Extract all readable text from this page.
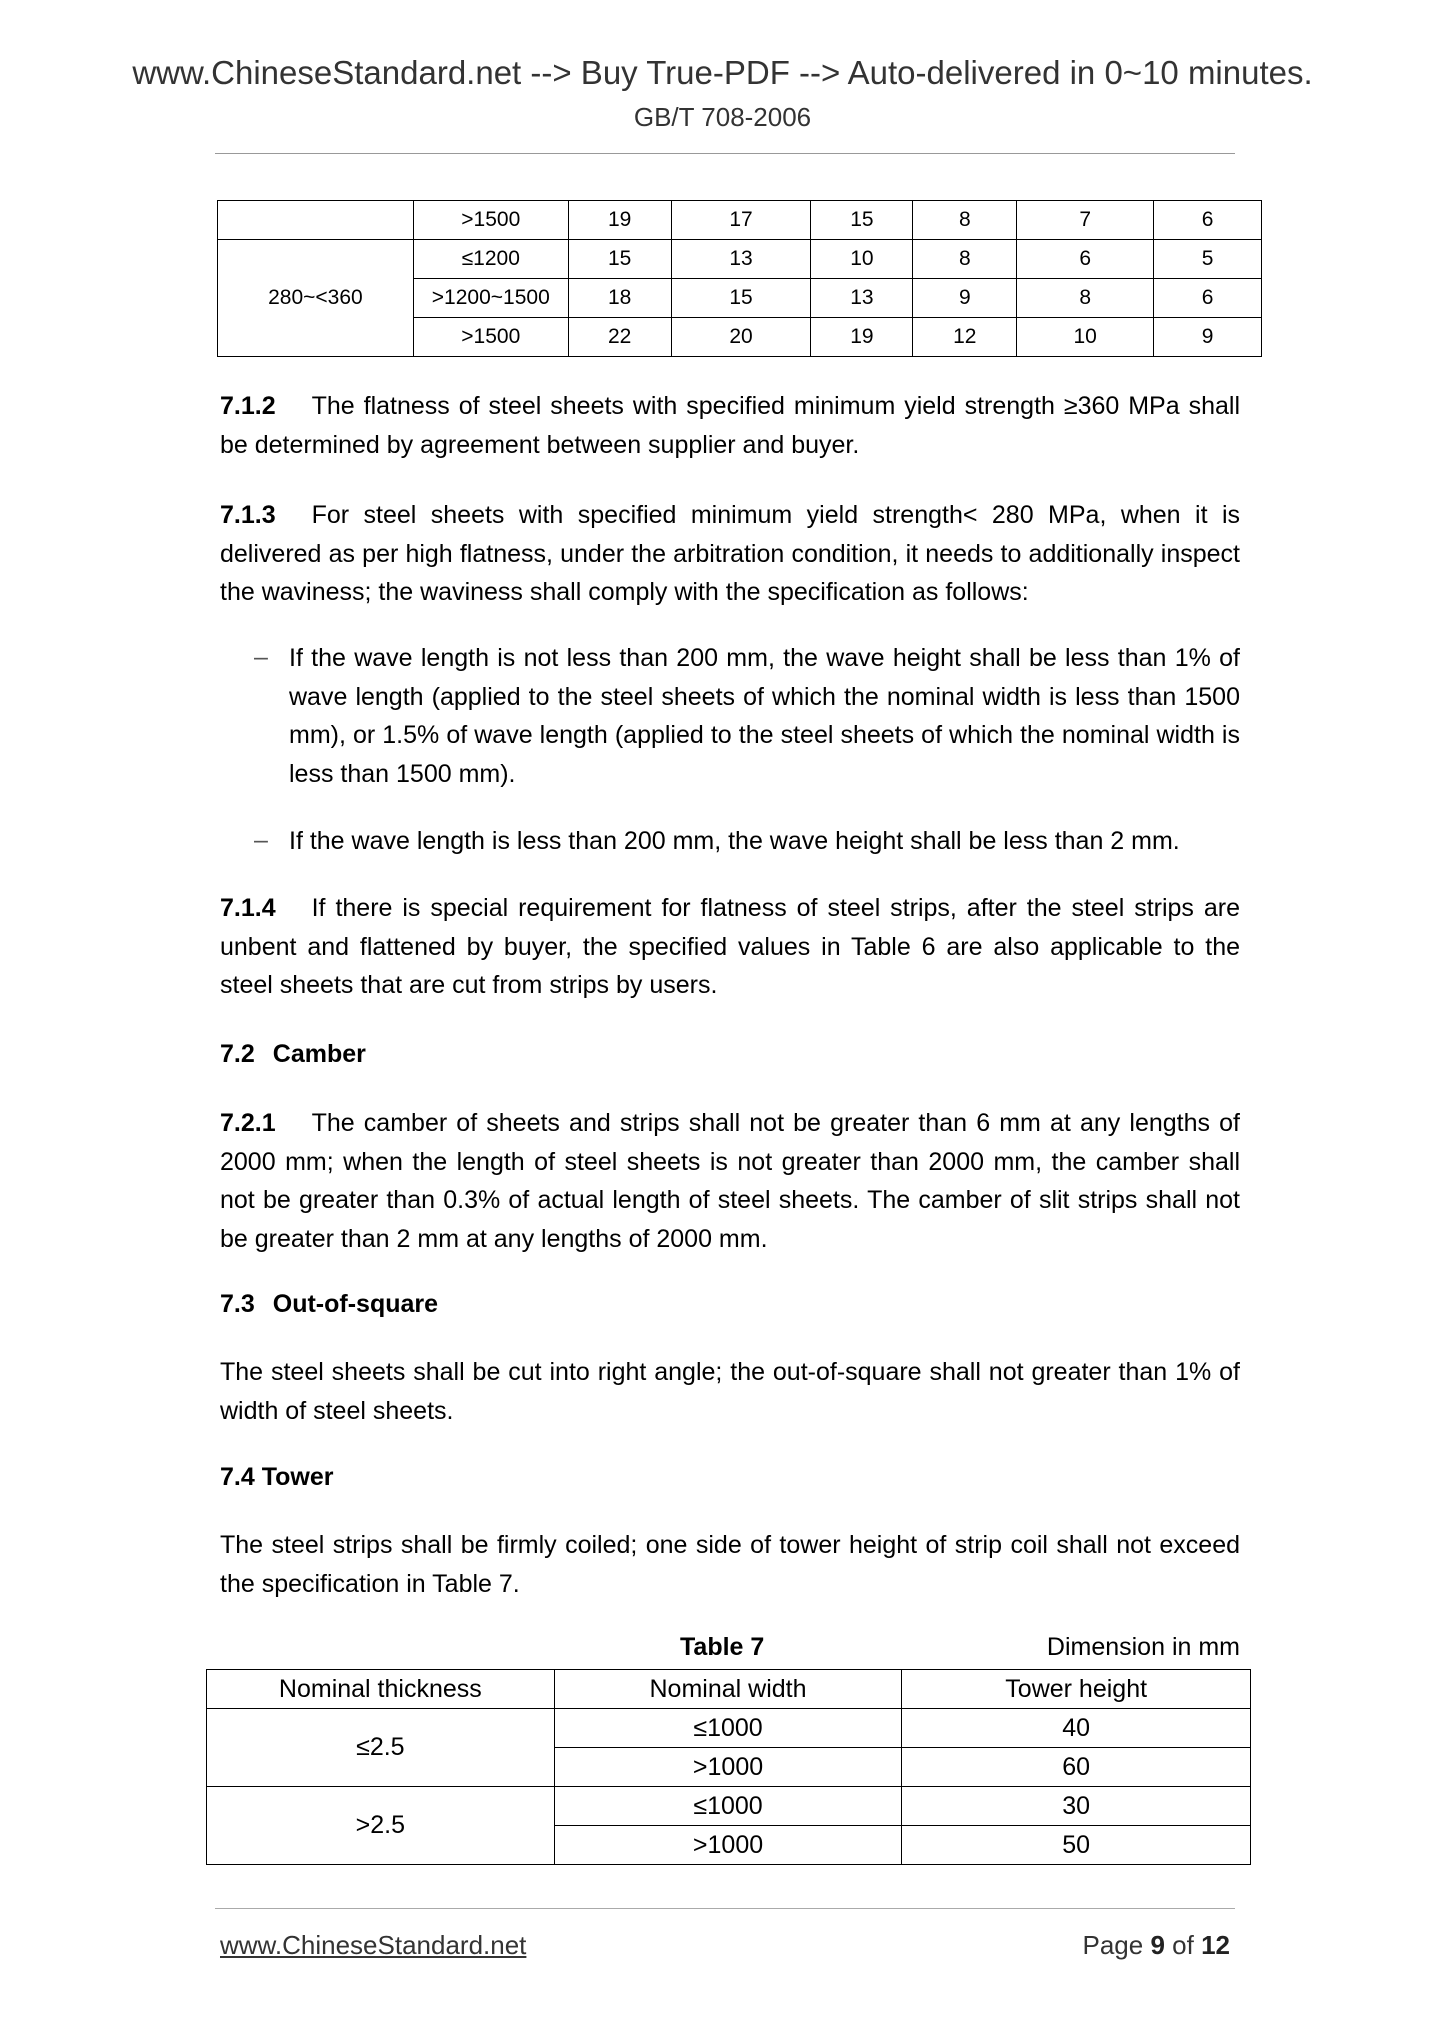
www.ChineseStandard.net --> Buy True-PDF --> Auto-delivered in 0~10 minutes.
GB/T 708-2006
	>1500	19	17	15	8	7	6
280~<360	≤1200	15	13	10	8	6	5
	>1200~1500	18	15	13	9	8	6
	>1500	22	20	19	12	10	9
7.1.2 The flatness of steel sheets with specified minimum yield strength ≥360 MPa shall be determined by agreement between supplier and buyer.
7.1.3 For steel sheets with specified minimum yield strength< 280 MPa, when it is delivered as per high flatness, under the arbitration condition, it needs to additionally inspect the waviness; the waviness shall comply with the specification as follows:
– If the wave length is not less than 200 mm, the wave height shall be less than 1% of wave length (applied to the steel sheets of which the nominal width is less than 1500 mm), or 1.5% of wave length (applied to the steel sheets of which the nominal width is less than 1500 mm).
– If the wave length is less than 200 mm, the wave height shall be less than 2 mm.
7.1.4 If there is special requirement for flatness of steel strips, after the steel strips are unbent and flattened by buyer, the specified values in Table 6 are also applicable to the steel sheets that are cut from strips by users.
7.2 Camber
7.2.1 The camber of sheets and strips shall not be greater than 6 mm at any lengths of 2000 mm; when the length of steel sheets is not greater than 2000 mm, the camber shall not be greater than 0.3% of actual length of steel sheets. The camber of slit strips shall not be greater than 2 mm at any lengths of 2000 mm.
7.3 Out-of-square
The steel sheets shall be cut into right angle; the out-of-square shall not greater than 1% of width of steel sheets.
7.4 Tower
The steel strips shall be firmly coiled; one side of tower height of strip coil shall not exceed the specification in Table 7.
Table 7	Dimension in mm
Nominal thickness	Nominal width	Tower height
≤2.5	≤1000	40
	>1000	60
>2.5	≤1000	30
	>1000	50
www.ChineseStandard.net	Page 9 of 12
